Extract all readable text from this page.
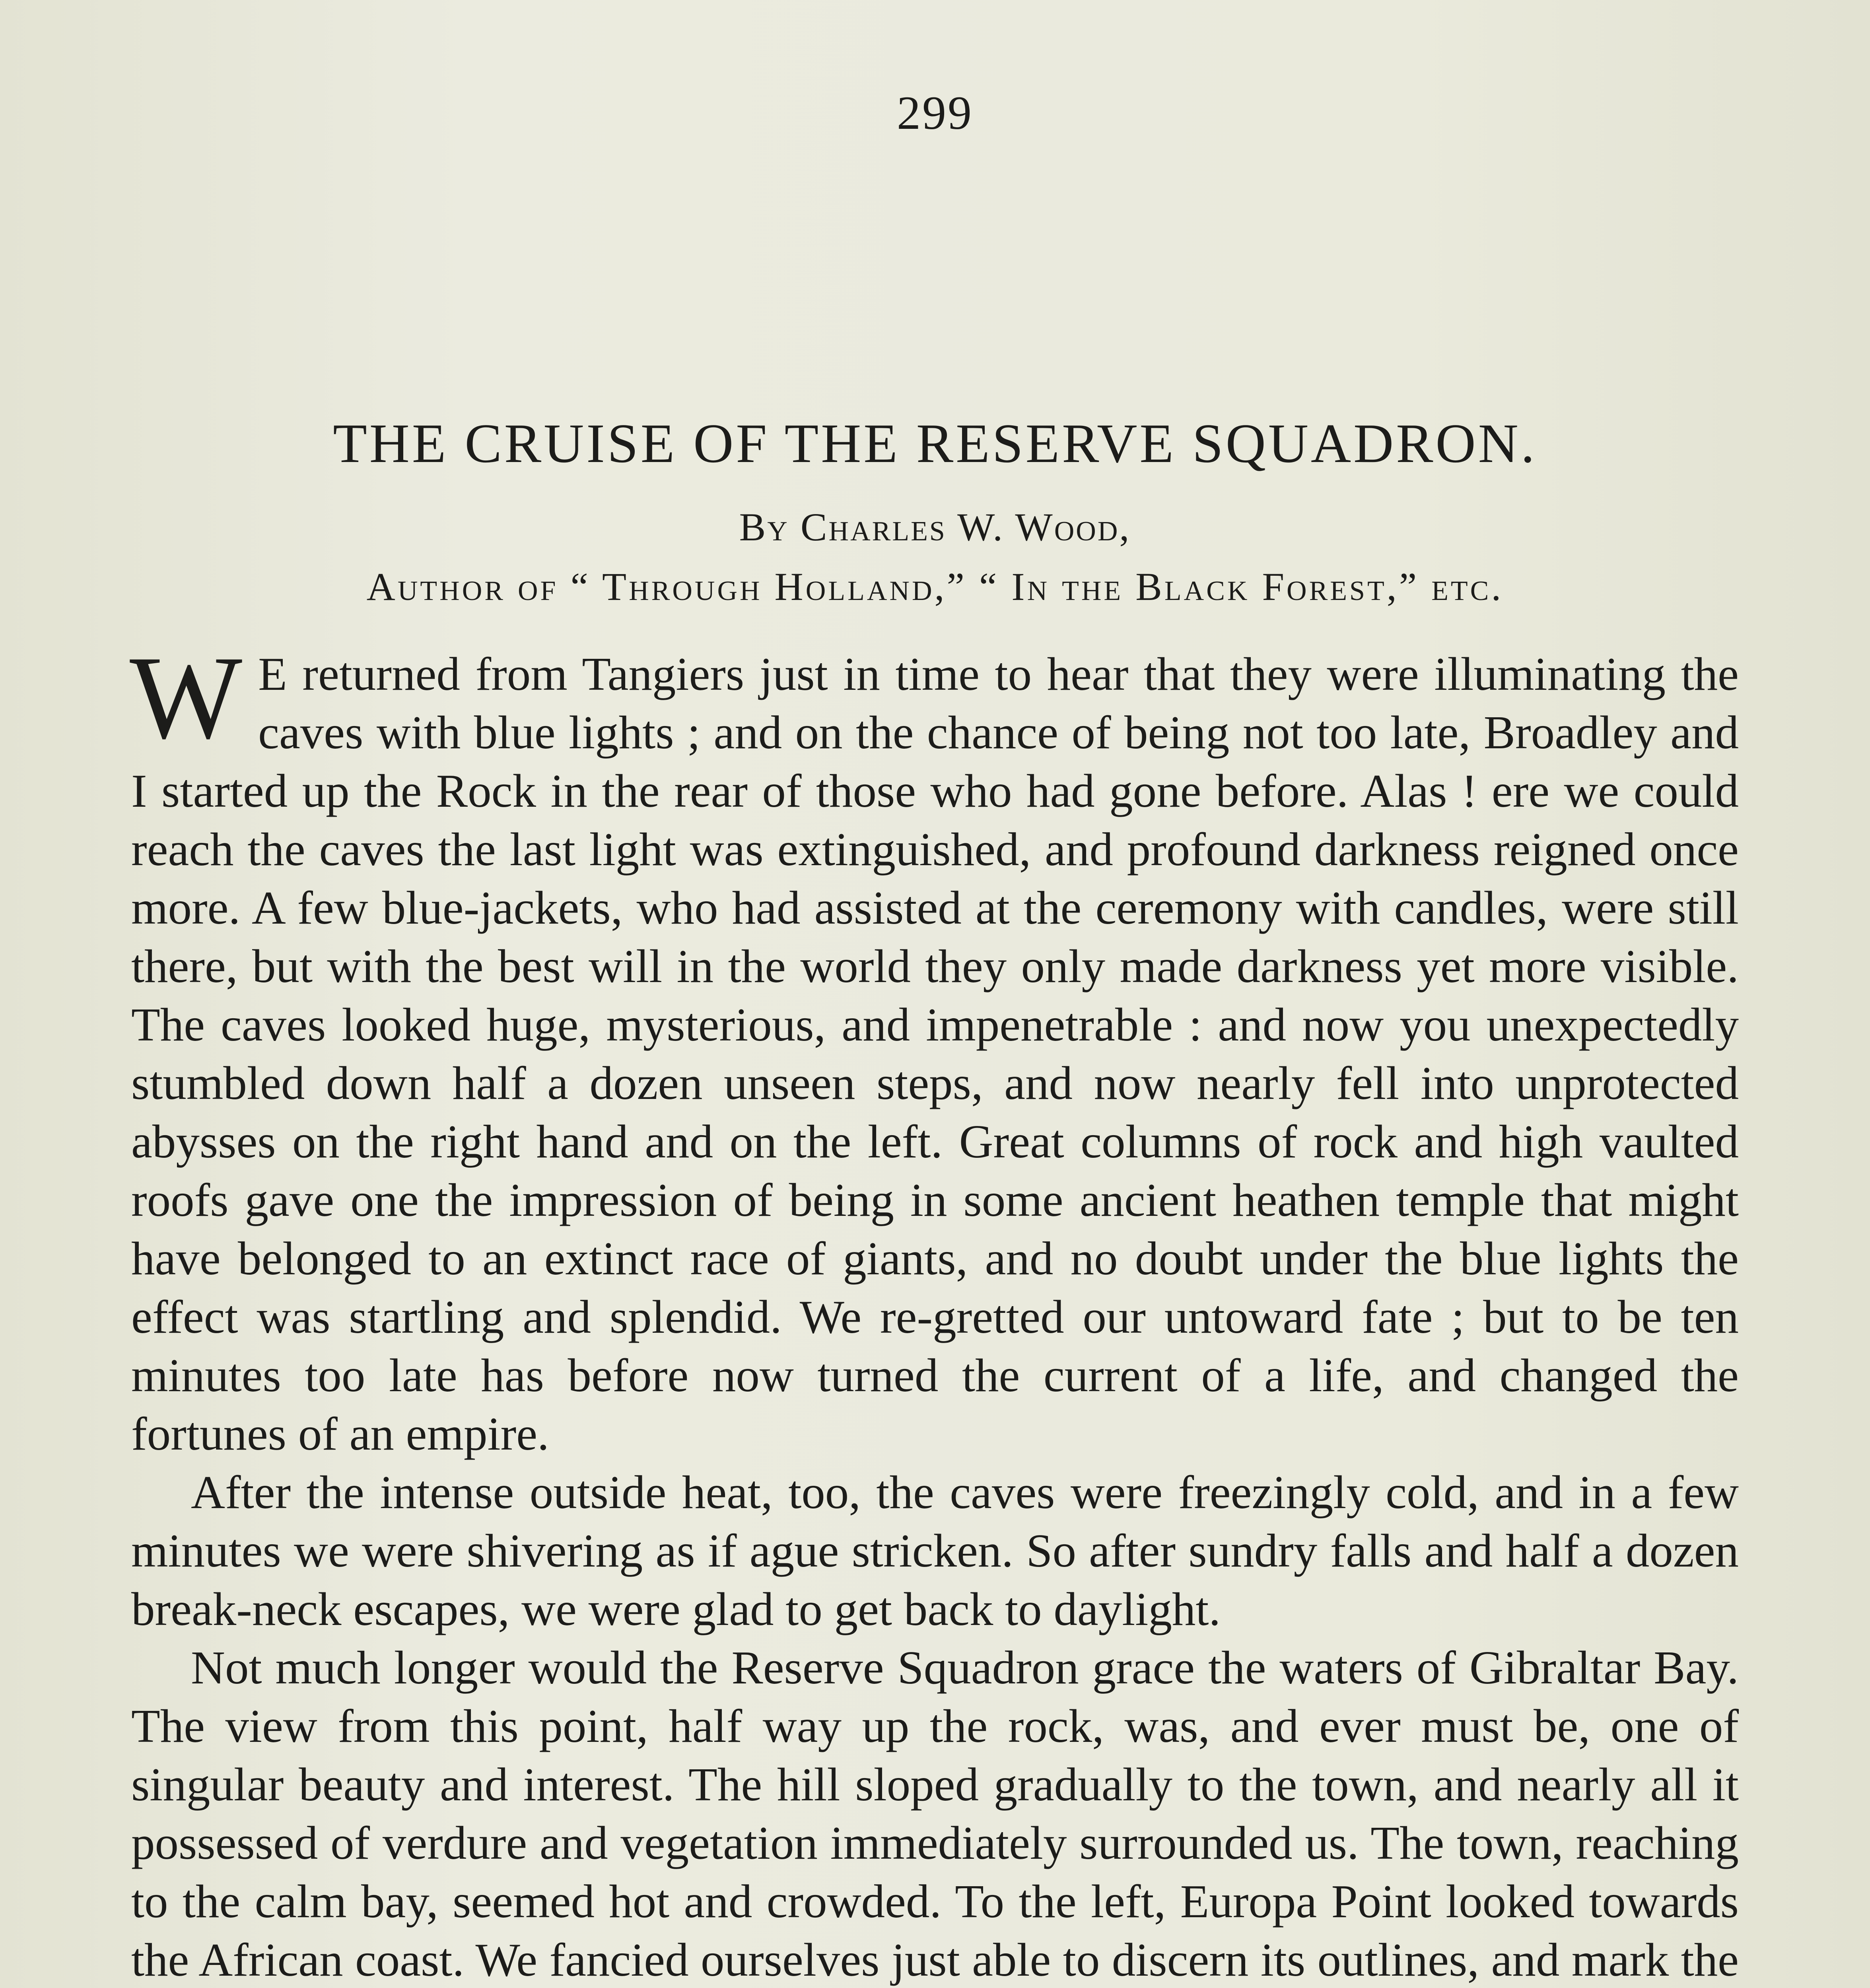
299
THE CRUISE OF THE RESERVE SQUADRON.
By Charles W. Wood,
Author of “ Through Holland,” “ In the Black Forest,” etc.

W E returned from Tangiers just in time to hear that they were illuminating the caves with blue lights ; and on the chance of being not too late, Broadley and I started up the Rock in the rear of those who had gone before. Alas ! ere we could reach the caves the last light was extinguished, and profound darkness reigned once more. A few blue-jackets, who had assisted at the ceremony with candles, were still there, but with the best will in the world they only made darkness yet more visible. The caves looked huge, mysterious, and impenetrable : and now you unexpectedly stumbled down half a dozen unseen steps, and now nearly fell into unprotected abysses on the right hand and on the left. Great columns of rock and high vaulted roofs gave one the impression of being in some ancient heathen temple that might have belonged to an extinct race of giants, and no doubt under the blue lights the effect was startling and splendid. We re-gretted our untoward fate ; but to be ten minutes too late has before now turned the current of a life, and changed the fortunes of an empire.

After the intense outside heat, too, the caves were freezingly cold, and in a few minutes we were shivering as if ague stricken. So after sundry falls and half a dozen break-neck escapes, we were glad to get back to daylight.

Not much longer would the Reserve Squadron grace the waters of Gibraltar Bay. The view from this point, half way up the rock, was, and ever must be, one of singular beauty and interest. The hill sloped gradually to the town, and nearly all it possessed of verdure and vegetation immediately surrounded us. The town, reaching to the calm bay, seemed hot and crowded. To the left, Europa Point looked towards the African coast. We fancied ourselves just able to discern its outlines, and mark the
